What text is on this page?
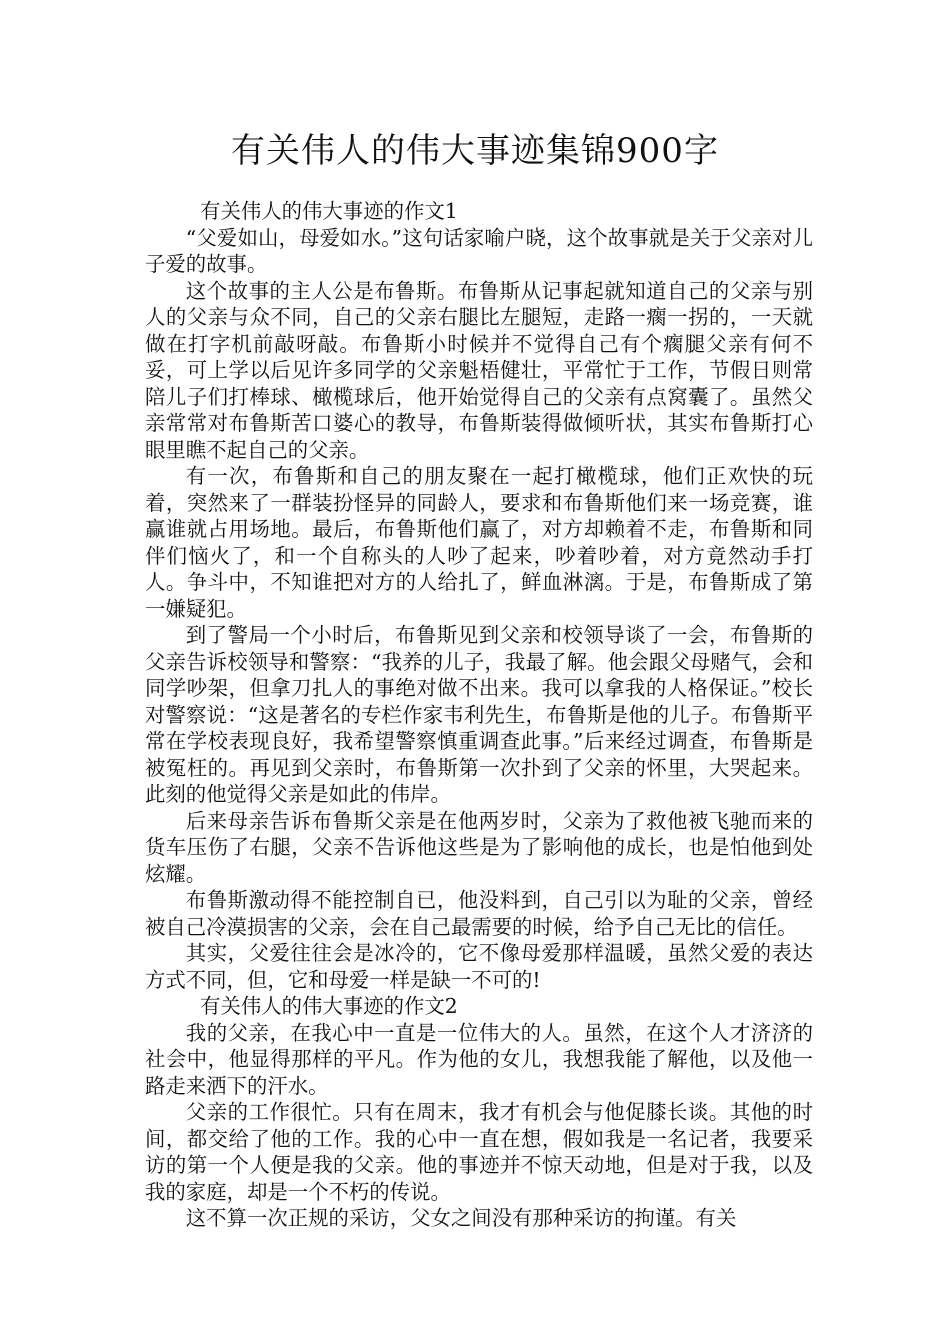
有关伟人的伟大事迹集锦900字

有关伟人的伟大事迹的作文1

“父爱如山，母爱如水。”这句话家喻户晓，这个故事就是关于父亲对儿子爱的故事。

这个故事的主人公是布鲁斯。布鲁斯从记事起就知道自己的父亲与别人的父亲与众不同，自己的父亲右腿比左腿短，走路一瘸一拐的，一天就做在打字机前敲呀敲。布鲁斯小时候并不觉得自己有个瘸腿父亲有何不妥，可上学以后见许多同学的父亲魁梧健壮，平常忙于工作，节假日则常陪儿子们打棒球、橄榄球后，他开始觉得自己的父亲有点窝囊了。虽然父亲常常对布鲁斯苦口婆心的教导，布鲁斯装得做倾听状，其实布鲁斯打心眼里瞧不起自己的父亲。

有一次，布鲁斯和自己的朋友聚在一起打橄榄球，他们正欢快的玩着，突然来了一群装扮怪异的同龄人，要求和布鲁斯他们来一场竞赛，谁赢谁就占用场地。最后，布鲁斯他们赢了，对方却赖着不走，布鲁斯和同伴们恼火了，和一个自称头的人吵了起来，吵着吵着，对方竟然动手打人。争斗中，不知谁把对方的人给扎了，鲜血淋漓。于是，布鲁斯成了第一嫌疑犯。

到了警局一个小时后，布鲁斯见到父亲和校领导谈了一会，布鲁斯的父亲告诉校领导和警察：“我养的儿子，我最了解。他会跟父母赌气，会和同学吵架，但拿刀扎人的事绝对做不出来。我可以拿我的人格保证。”校长对警察说：“这是著名的专栏作家韦利先生，布鲁斯是他的儿子。布鲁斯平常在学校表现良好，我希望警察慎重调查此事。”后来经过调查，布鲁斯是被冤枉的。再见到父亲时，布鲁斯第一次扑到了父亲的怀里，大哭起来。此刻的他觉得父亲是如此的伟岸。

后来母亲告诉布鲁斯父亲是在他两岁时，父亲为了救他被飞驰而来的货车压伤了右腿，父亲不告诉他这些是为了影响他的成长，也是怕他到处炫耀。

布鲁斯激动得不能控制自已，他没料到，自己引以为耻的父亲，曾经被自己冷漠损害的父亲，会在自己最需要的时候，给予自己无比的信任。

其实，父爱往往会是冰冷的，它不像母爱那样温暖，虽然父爱的表达方式不同，但，它和母爱一样是缺一不可的!

有关伟人的伟大事迹的作文2

我的父亲，在我心中一直是一位伟大的人。虽然，在这个人才济济的社会中，他显得那样的平凡。作为他的女儿，我想我能了解他，以及他一路走来洒下的汗水。

父亲的工作很忙。只有在周末，我才有机会与他促膝长谈。其他的时间，都交给了他的工作。我的心中一直在想，假如我是一名记者，我要采访的第一个人便是我的父亲。他的事迹并不惊天动地，但是对于我，以及我的家庭，却是一个不朽的传说。

这不算一次正规的采访，父女之间没有那种采访的拘谨。有关
